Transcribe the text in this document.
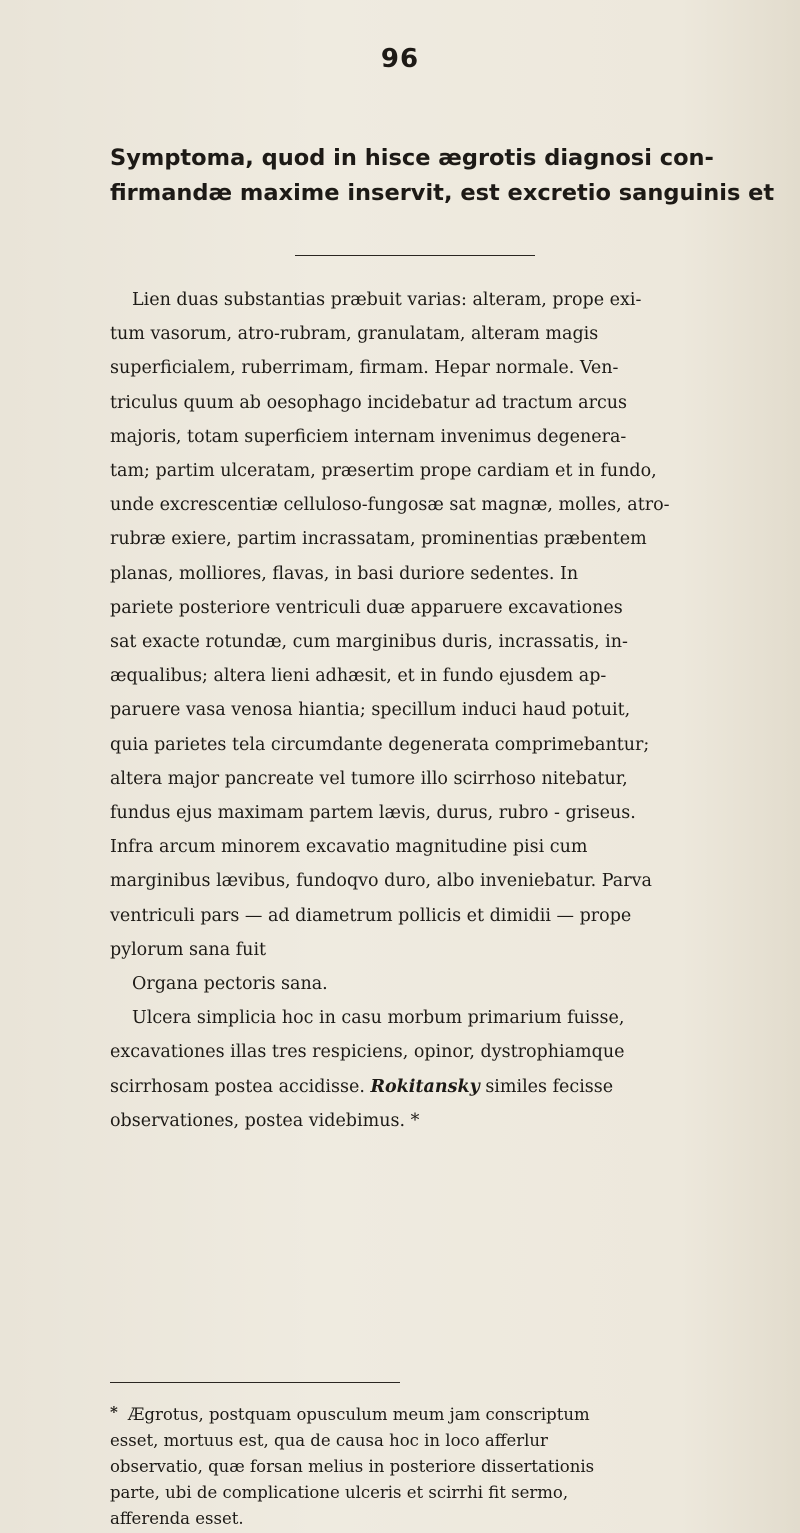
96
Symptoma, quod in hisce ægrotis diagnosi con-
firmandæ maxime inservit, est excretio sanguinis et
Lien duas substantias præbuit varias: alteram, prope exi-
tum vasorum, atro-rubram, granulatam, alteram magis
superficialem, ruberrimam, firmam. Hepar normale. Ven-
triculus quum ab oesophago incidebatur ad tractum arcus
majoris, totam superficiem internam invenimus degenera-
tam; partim ulceratam, præsertim prope cardiam et in fundo,
unde excrescentiæ celluloso-fungosæ sat magnæ, molles, atro-
rubræ exiere, partim incrassatam, prominentias præbentem
planas, molliores, flavas, in basi duriore sedentes. In
pariete posteriore ventriculi duæ apparuere excavationes
sat exacte rotundæ, cum marginibus duris, incrassatis, in-
æqualibus; altera lieni adhæsit, et in fundo ejusdem ap-
paruere vasa venosa hiantia; specillum induci haud potuit,
quia parietes tela circumdante degenerata comprimebantur;
altera major pancreate vel tumore illo scirrhoso nitebatur,
fundus ejus maximam partem lævis, durus, rubro - griseus.
Infra arcum minorem excavatio magnitudine pisi cum
marginibus lævibus, fundoqvo duro, albo inveniebatur. Parva
ventriculi pars — ad diametrum pollicis et dimidii — prope
pylorum sana fuit
Organa pectoris sana.
Ulcera simplicia hoc in casu morbum primarium fuisse,
excavationes illas tres respiciens, opinor, dystrophiamque
scirrhosam postea accidisse. Rokitansky similes fecisse
observationes, postea videbimus. *
* Ægrotus, postquam opusculum meum jam conscriptum
esset, mortuus est, qua de causa hoc in loco afferlur
observatio, quæ forsan melius in posteriore dissertationis
parte, ubi de complicatione ulceris et scirrhi fit sermo,
afferenda esset.
